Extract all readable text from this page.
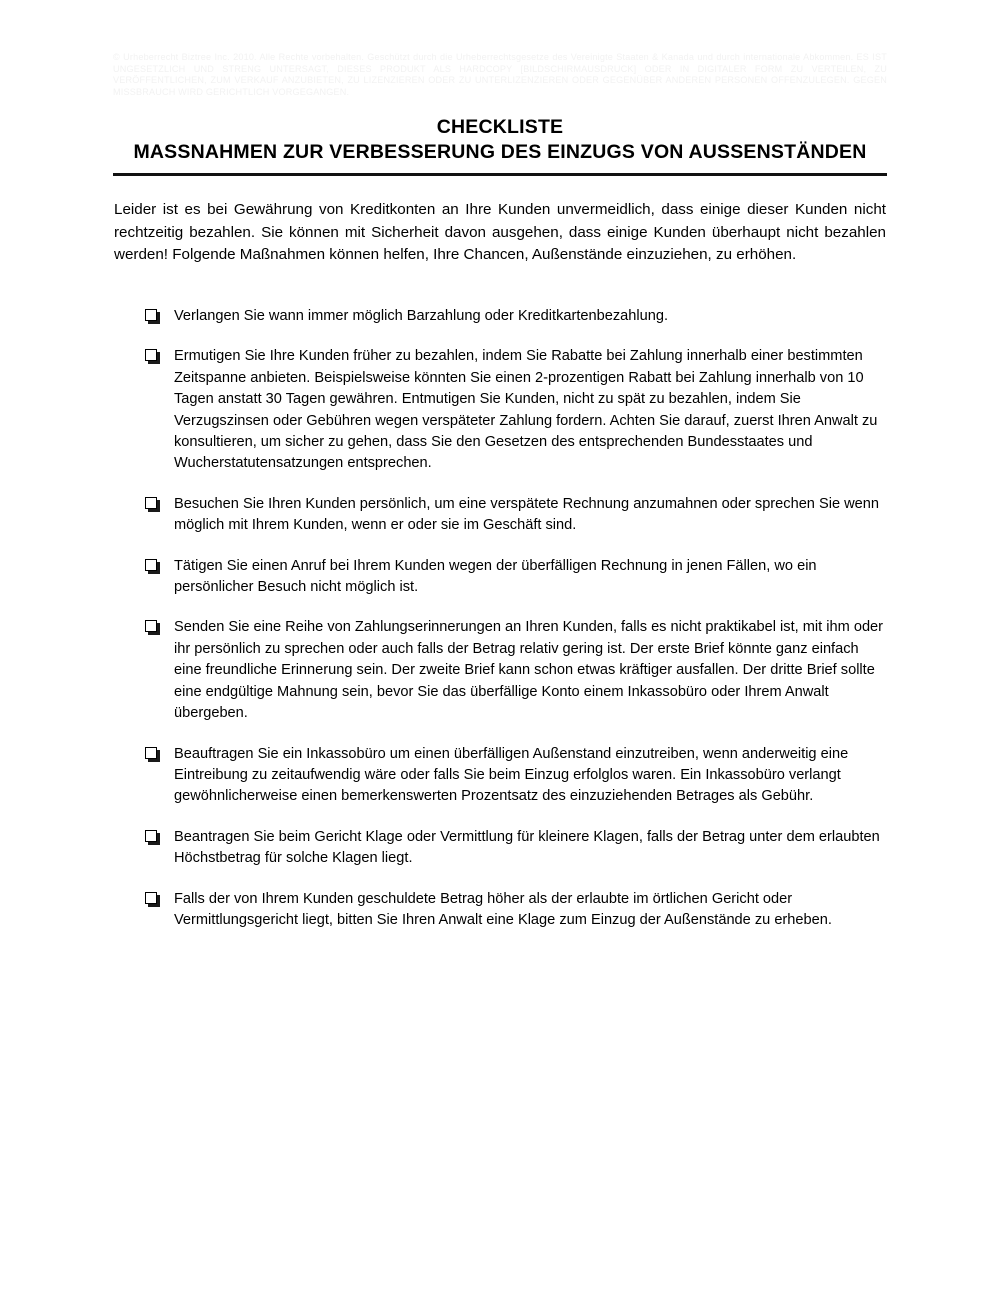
© Urheberrecht Biztree Inc. 2010. Alle Rechte vorbehalten. Geschützt durch die Urheberrechtsgesetze des Vereinigte Staaten & Kanada und durch internationale Abkommen. ES IST UNGESETZLICH UND STRENG UNTERSAGT, DIESES PRODUKT ALS HARDCOPY [BILDSCHIRMAUSDRUCK] ODER IN DIGITALER FORM ZU VERTEILEN, ZU VERÖFFENTLICHEN, ZUM VERKAUF ANZUBIETEN, ZU LIZENZIEREN ODER ZU UNTERLIZENZIEREN ODER GEGENÜBER ANDEREN PERSONEN OFFENZULEGEN. GEGEN MISSBRAUCH WIRD GERICHTLICH VORGEGANGEN.
CHECKLISTE
MASSNAHMEN ZUR VERBESSERUNG DES EINZUGS VON AUSSENSTÄNDEN
Leider ist es bei Gewährung von Kreditkonten an Ihre Kunden unvermeidlich, dass einige dieser Kunden nicht rechtzeitig bezahlen. Sie können mit Sicherheit davon ausgehen, dass einige Kunden überhaupt nicht bezahlen werden! Folgende Maßnahmen können helfen, Ihre Chancen, Außenstände einzuziehen, zu erhöhen.
Verlangen Sie wann immer möglich Barzahlung oder Kreditkartenbezahlung.
Ermutigen Sie Ihre Kunden früher zu bezahlen, indem Sie Rabatte bei Zahlung innerhalb einer bestimmten Zeitspanne anbieten. Beispielsweise könnten Sie einen 2-prozentigen Rabatt bei Zahlung innerhalb von 10 Tagen anstatt 30 Tagen gewähren. Entmutigen Sie Kunden, nicht zu spät zu bezahlen, indem Sie Verzugszinsen oder Gebühren wegen verspäteter Zahlung fordern. Achten Sie darauf, zuerst Ihren Anwalt zu konsultieren, um sicher zu gehen, dass Sie den Gesetzen des entsprechenden Bundesstaates und Wucherstatutensatzungen entsprechen.
Besuchen Sie Ihren Kunden persönlich, um eine verspätete Rechnung anzumahnen oder sprechen Sie wenn möglich mit Ihrem Kunden, wenn er oder sie im Geschäft sind.
Tätigen Sie einen Anruf bei Ihrem Kunden wegen der überfälligen Rechnung in jenen Fällen, wo ein persönlicher Besuch nicht möglich ist.
Senden Sie eine Reihe von Zahlungserinnerungen an Ihren Kunden, falls es nicht praktikabel ist, mit ihm oder ihr persönlich zu sprechen oder auch falls der Betrag relativ gering ist. Der erste Brief könnte ganz einfach eine freundliche Erinnerung sein. Der zweite Brief kann schon etwas kräftiger ausfallen. Der dritte Brief sollte eine endgültige Mahnung sein, bevor Sie das überfällige Konto einem Inkassobüro oder Ihrem Anwalt übergeben.
Beauftragen Sie ein Inkassobüro um einen überfälligen Außenstand einzutreiben, wenn anderweitig eine Eintreibung zu zeitaufwendig wäre oder falls Sie beim Einzug erfolglos waren. Ein Inkassobüro verlangt gewöhnlicherweise einen bemerkenswerten Prozentsatz des einzuziehenden Betrages als Gebühr.
Beantragen Sie beim Gericht Klage oder Vermittlung für kleinere Klagen, falls der Betrag unter dem erlaubten Höchstbetrag für solche Klagen liegt.
Falls der von Ihrem Kunden geschuldete Betrag höher als der erlaubte im örtlichen Gericht oder Vermittlungsgericht liegt, bitten Sie Ihren Anwalt eine Klage zum Einzug der Außenstände zu erheben.
